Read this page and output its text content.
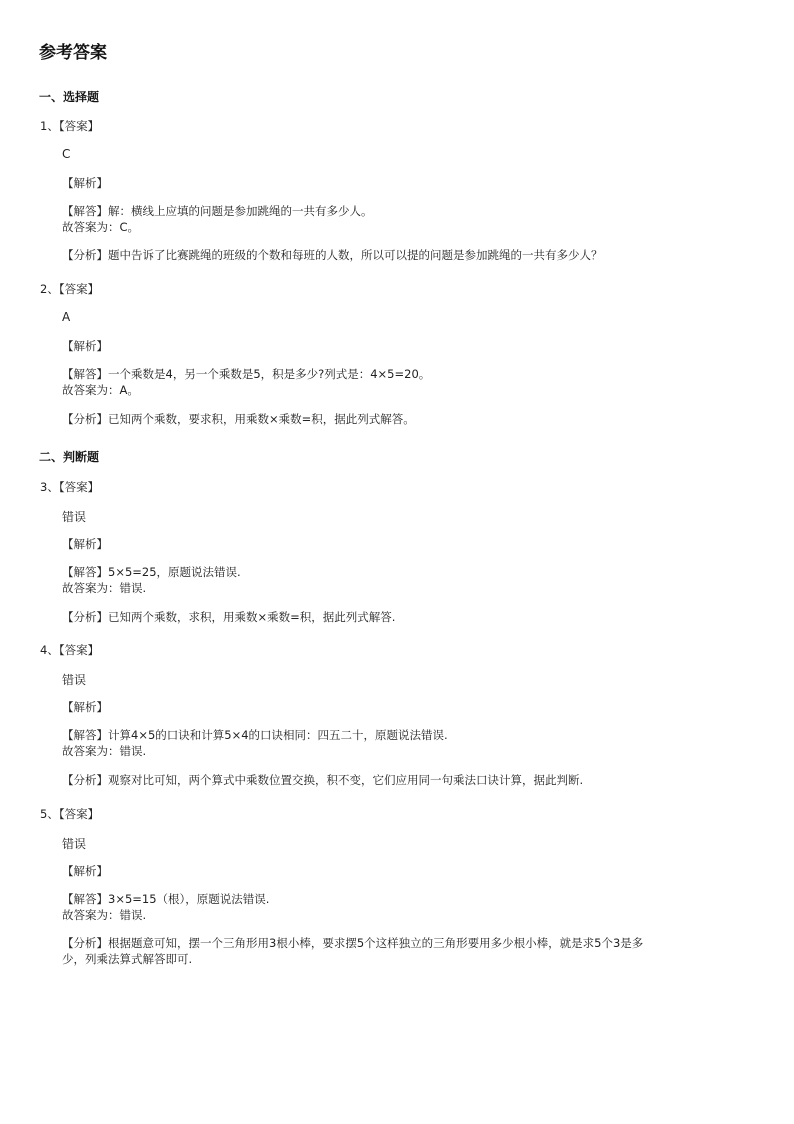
参考答案
一、选择题
1、【答案】
C
【解析】
【解答】解：横线上应填的问题是参加跳绳的一共有多少人。
故答案为：C。
【分析】题中告诉了比赛跳绳的班级的个数和每班的人数，所以可以提的问题是参加跳绳的一共有多少人？
2、【答案】
A
【解析】
【解答】一个乘数是4，另一个乘数是5，积是多少?列式是：4×5=20。
故答案为：A。
【分析】已知两个乘数，要求积，用乘数×乘数=积，据此列式解答。
二、判断题
3、【答案】
错误
【解析】
【解答】5×5=25，原题说法错误.
故答案为：错误.
【分析】已知两个乘数，求积，用乘数×乘数=积，据此列式解答.
4、【答案】
错误
【解析】
【解答】计算4×5的口诀和计算5×4的口诀相同：四五二十，原题说法错误.
故答案为：错误.
【分析】观察对比可知，两个算式中乘数位置交换，积不变，它们应用同一句乘法口诀计算，据此判断.
5、【答案】
错误
【解析】
【解答】3×5=15（根），原题说法错误.
故答案为：错误.
【分析】根据题意可知，摆一个三角形用3根小棒，要求摆5个这样独立的三角形要用多少根小棒，就是求5个3是多
少，列乘法算式解答即可.
